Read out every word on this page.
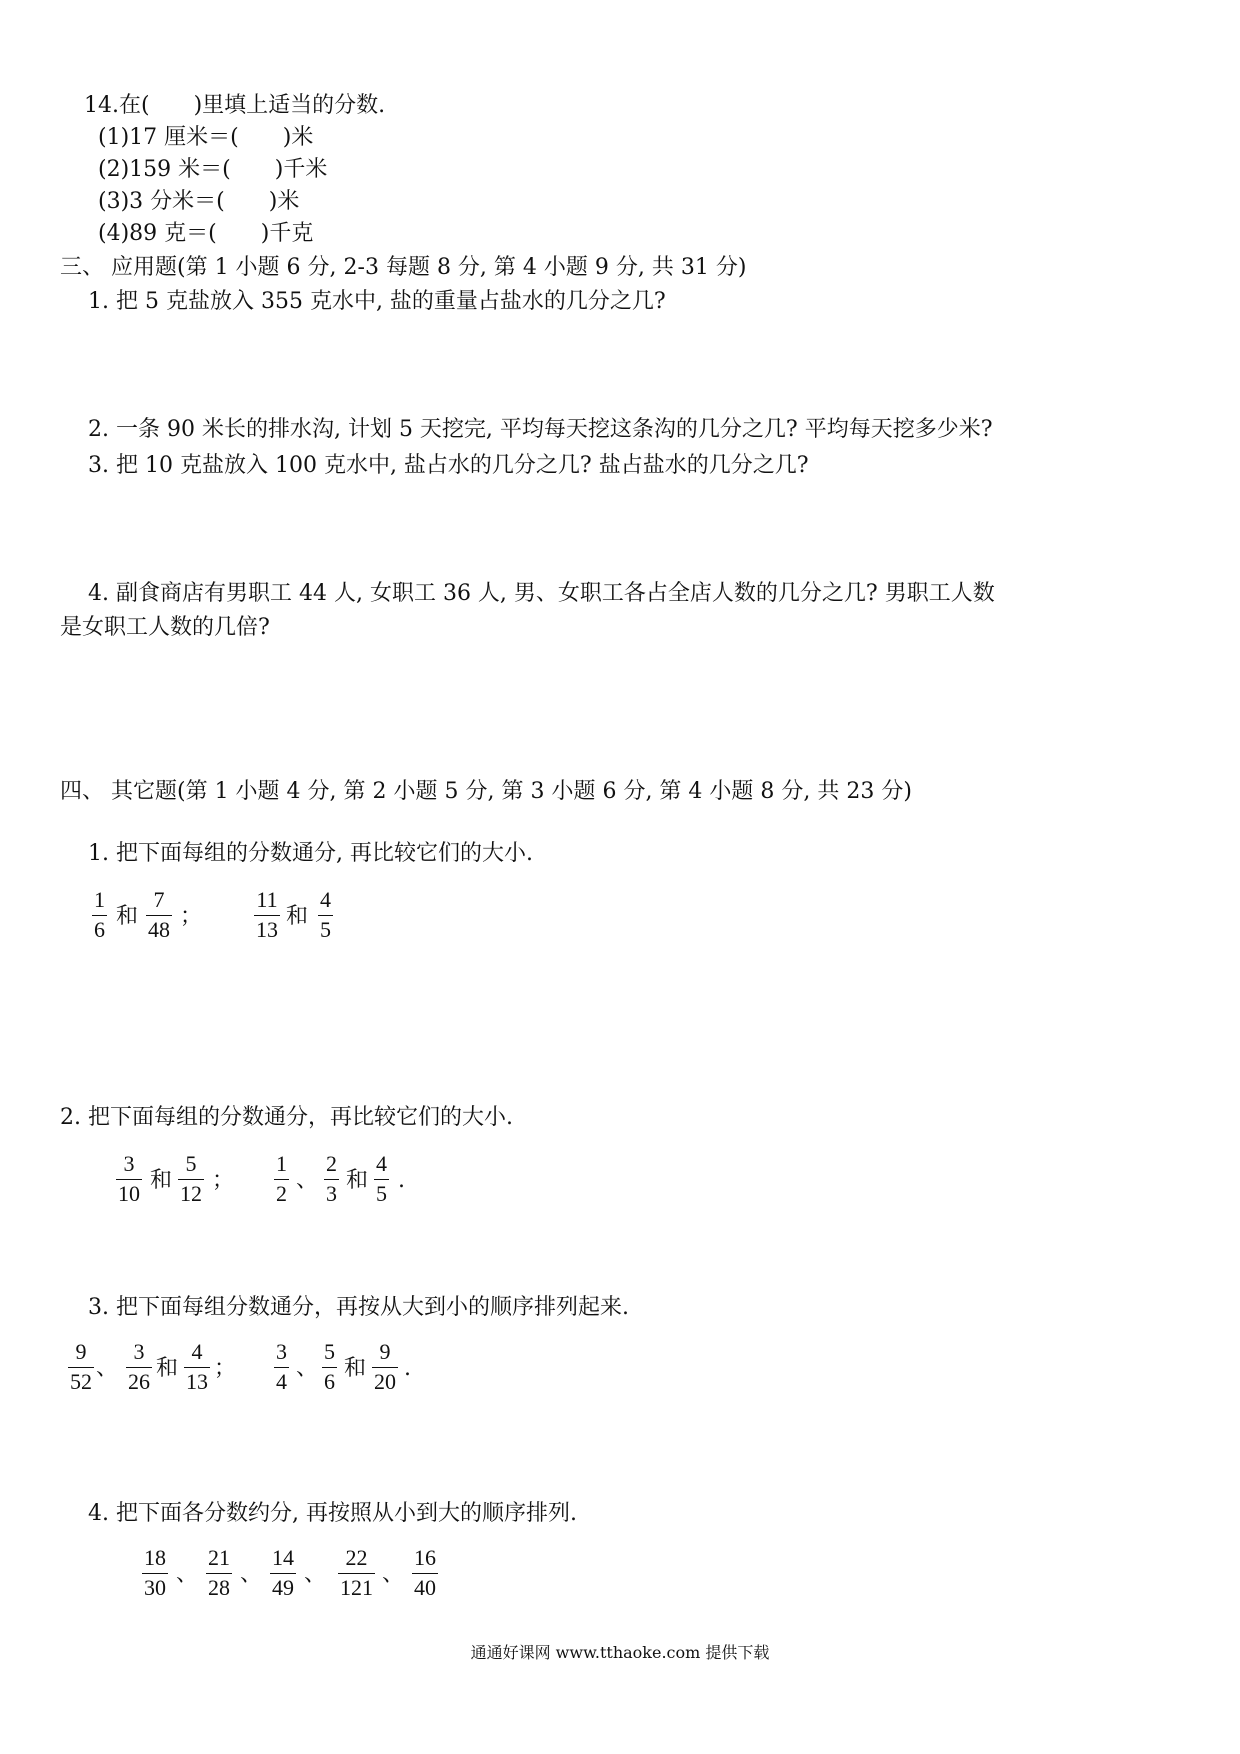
14.在(　　)里填上适当的分数.
(1)17 厘米＝(　　)米
(2)159 米＝(　　)千米
(3)3 分米＝(　　)米
(4)89 克＝(　　)千克
三、 应用题(第 1 小题 6 分, 2-3 每题 8 分, 第 4 小题 9 分, 共 31 分)
1. 把 5 克盐放入 355 克水中, 盐的重量占盐水的几分之几?
2. 一条 90 米长的排水沟, 计划 5 天挖完, 平均每天挖这条沟的几分之几? 平均每天挖多少米?
3. 把 10 克盐放入 100 克水中, 盐占水的几分之几? 盐占盐水的几分之几?
4. 副食商店有男职工 44 人, 女职工 36 人, 男、女职工各占全店人数的几分之几? 男职工人数
是女职工人数的几倍?
四、 其它题(第 1 小题 4 分, 第 2 小题 5 分, 第 3 小题 6 分, 第 4 小题 8 分, 共 23 分)
1. 把下面每组的分数通分, 再比较它们的大小.
1
6
和
7
48
；
11
13
和
4
5
2. 把下面每组的分数通分，再比较它们的大小.
3
10
和
5
12
；
1
2
、
2
3
和
4
5
.
3. 把下面每组分数通分，再按从大到小的顺序排列起来.
9
52
、
3
26
和
4
13
；
3
4
、
5
6
和
9
20
.
4. 把下面各分数约分, 再按照从小到大的顺序排列.
18
30
、
21
28
、
14
49
、
22
121
、
16
40
通通好课网 www.tthaoke.com 提供下载
